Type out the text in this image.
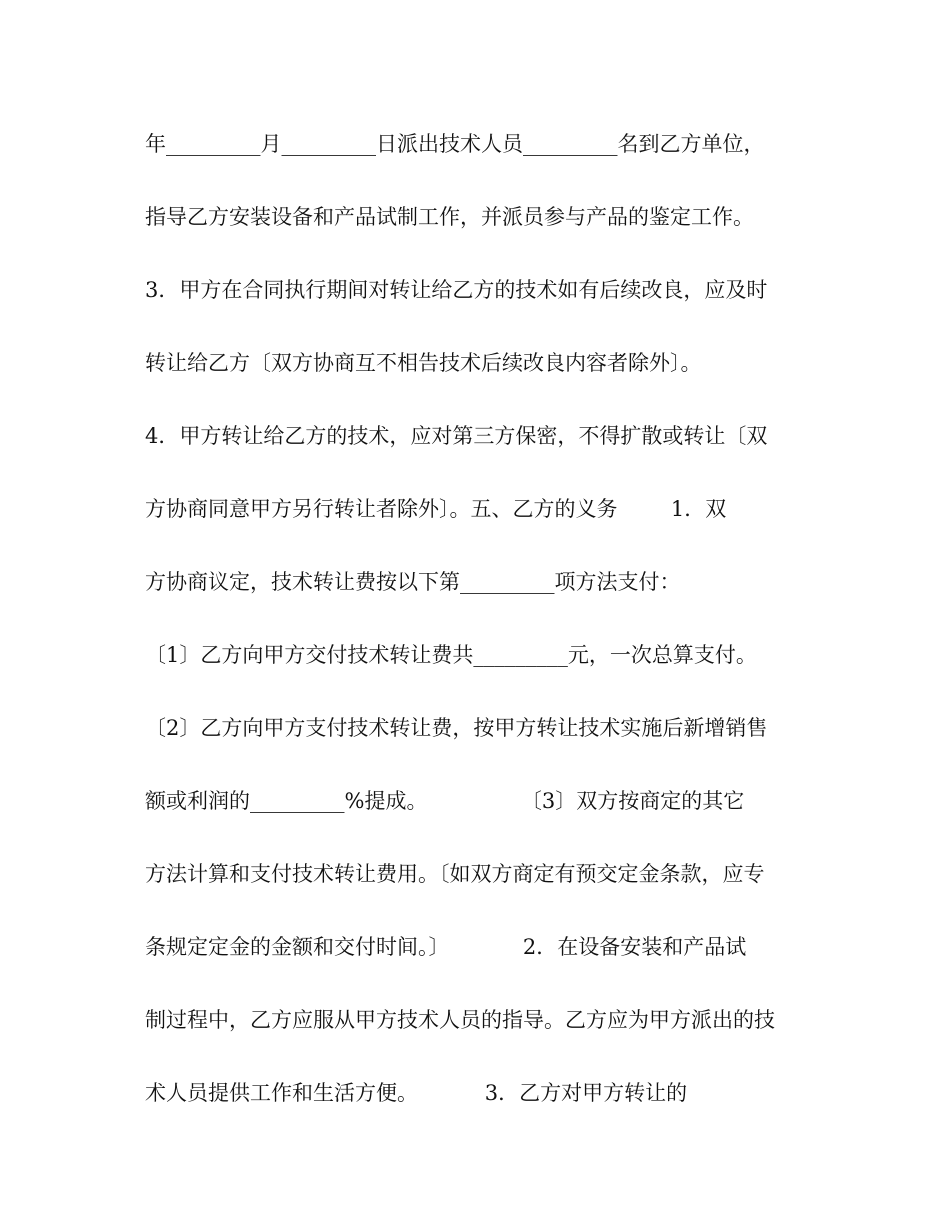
年_________月_________日派出技术人员_________名到乙方单位，
指导乙方安装设备和产品试制工作，并派员参与产品的鉴定工作。
3．甲方在合同执行期间对转让给乙方的技术如有后续改良，应及时
转让给乙方〔双方协商互不相告技术后续改良内容者除外〕。
4．甲方转让给乙方的技术，应对第三方保密，不得扩散或转让〔双
方协商同意甲方另行转让者除外〕。五、乙方的义务        1．双
方协商议定，技术转让费按以下第_________项方法支付：
〔1〕乙方向甲方交付技术转让费共_________元，一次总算支付。
〔2〕乙方向甲方支付技术转让费，按甲方转让技术实施后新增销售
额或利润的_________%提成。              〔3〕双方按商定的其它
方法计算和支付技术转让费用。〔如双方商定有预交定金条款，应专
条规定定金的金额和交付时间。〕           2．在设备安装和产品试
制过程中，乙方应服从甲方技术人员的指导。乙方应为甲方派出的技
术人员提供工作和生活方便。          3．乙方对甲方转让的
